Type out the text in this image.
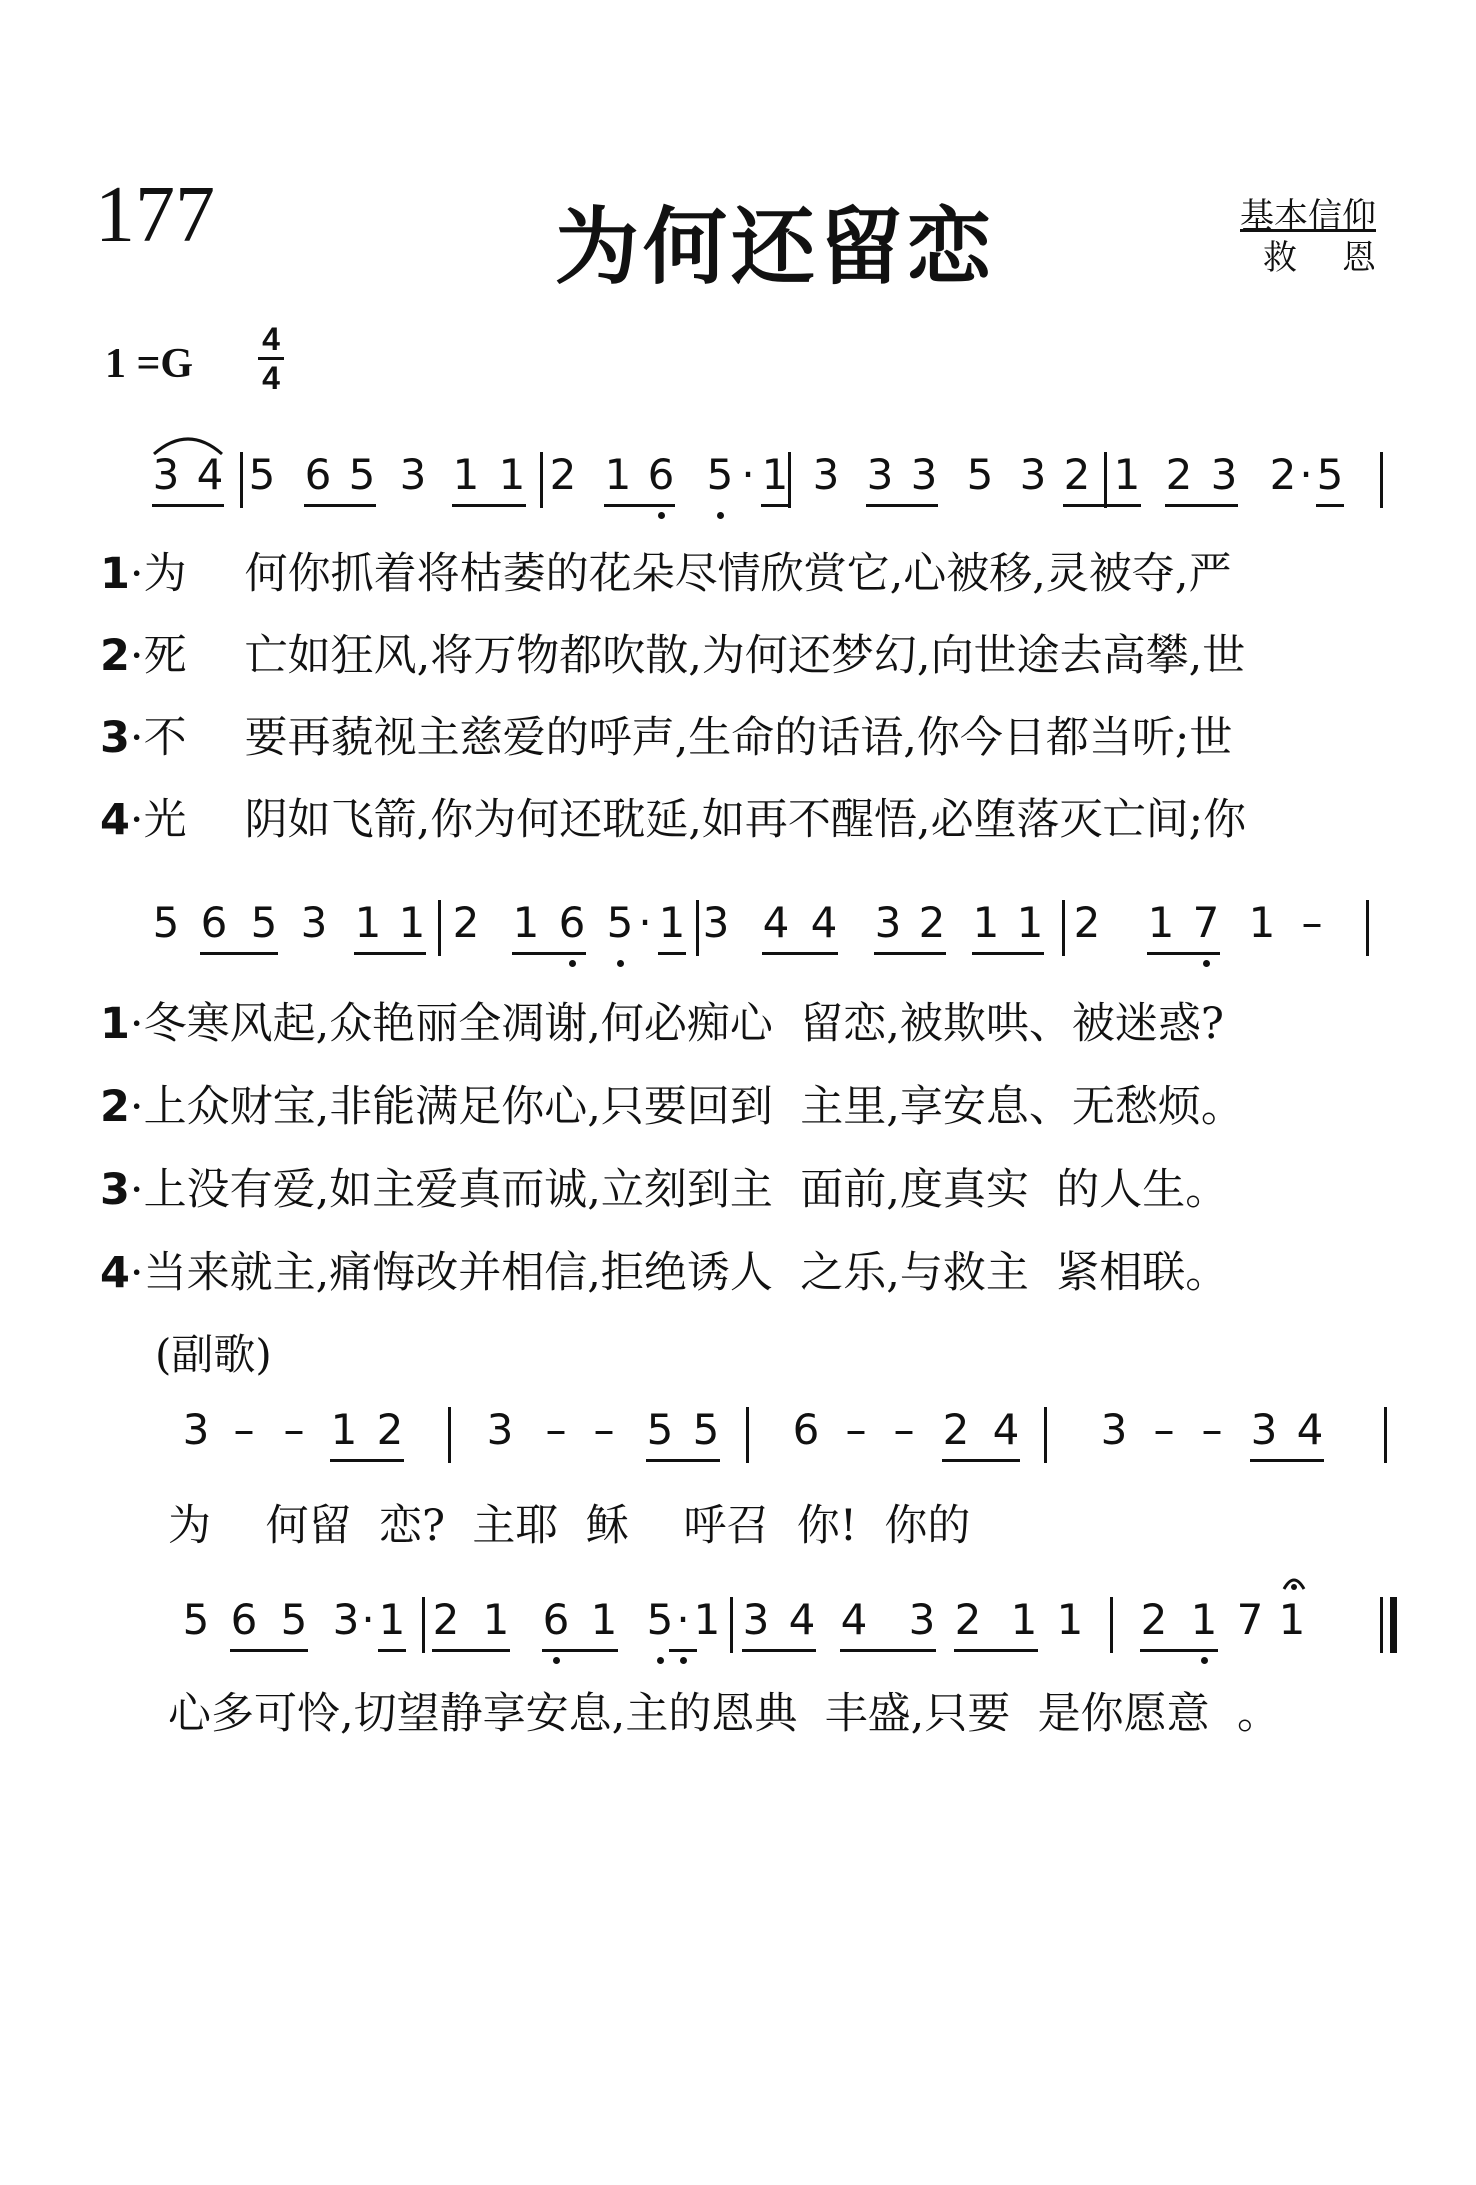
177	为何还留恋	基本信仰
救恩
1 =G
4
4
3 4 5 6 5 3 1 1 2 1 6 5 · 1 3 3 3 5 3 2 1 2 3 2 · 5
1·为 何你抓着将枯萎的花朵尽情欣赏它,心被移,灵被夺,严
2·死 亡如狂风,将万物都吹散,为何还梦幻,向世途去高攀,世
3·不 要再藐视主慈爱的呼声,生命的话语,你今日都当听;世
4·光 阴如飞箭,你为何还耽延,如再不醒悟,必堕落灭亡间;你
5 6 5 3 1 1 2 1 6 5 · 1 3 4 4 3 2 1 1 2 1 7 1 –
1·冬寒风起,众艳丽全凋谢,何必痴心  留恋,被欺哄、被迷惑?
2·上众财宝,非能满足你心,只要回到  主里,享安息、无愁烦。
3·上没有爱,如主爱真而诚,立刻到主  面前,度真实  的人生。
4·当来就主,痛悔改并相信,拒绝诱人  之乐,与救主  紧相联。
(副歌)
3 – – 1 2 3 – – 5 5 6 – – 2 4 3 – – 3 4
为    何留  恋?  主耶  稣    呼召  你!  你的
5 6 5 3 · 1 2 1 6 1 5 · 1 3 4 4 3 2 1 1 2 1 7 1
心多可怜,切望静享安息,主的恩典  丰盛,只要  是你愿意  。
